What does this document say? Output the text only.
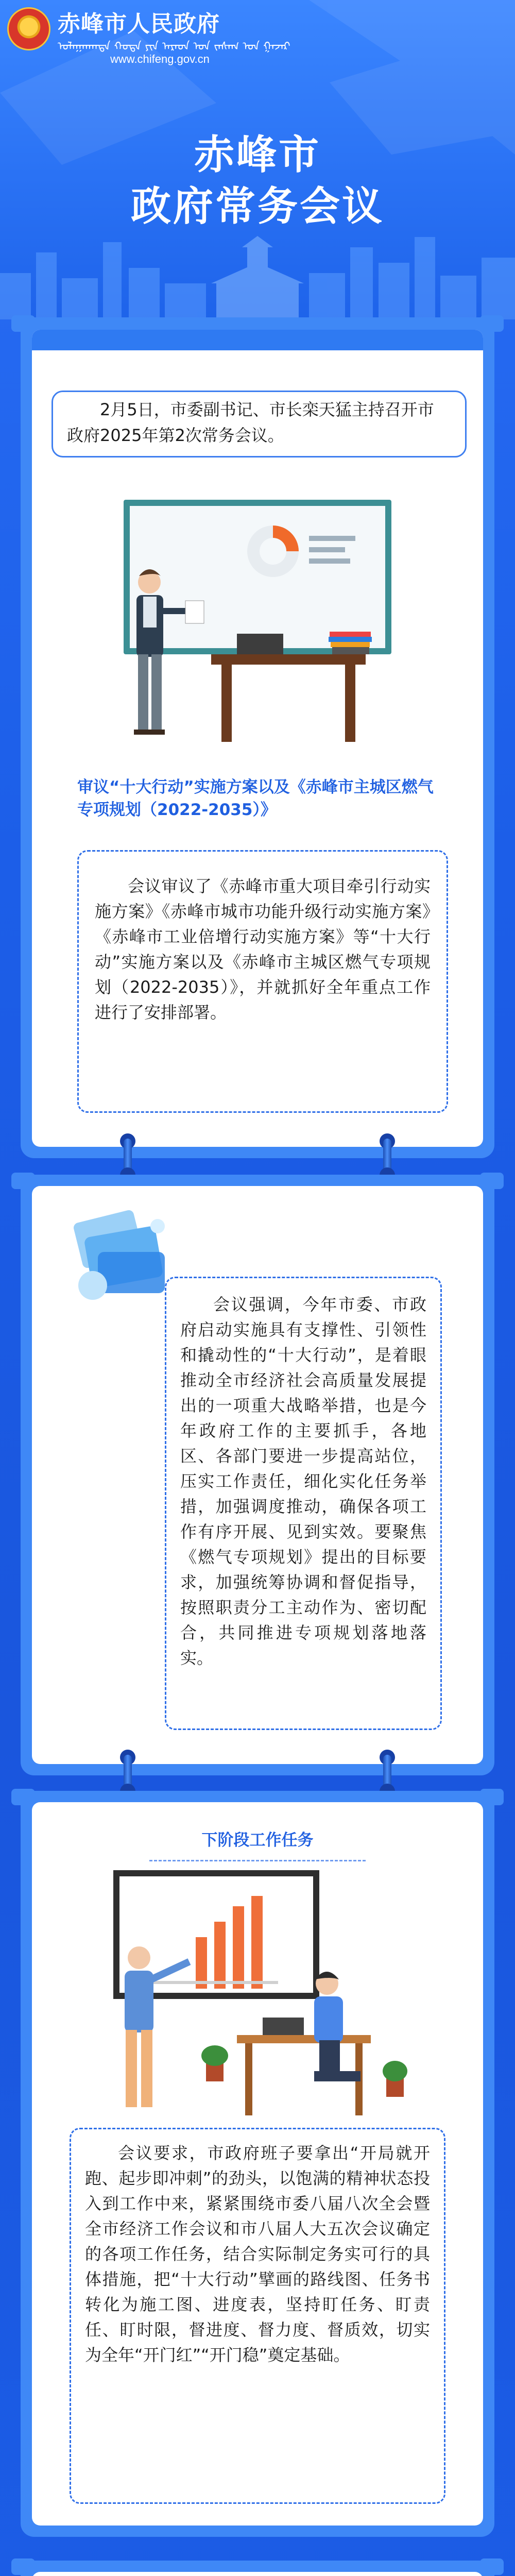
赤峰市人民政府
ᠤᠯᠠᠭᠠᠨᠬᠠᠳᠠ ᠬᠣᠲᠠ ᠶᠢᠨ ᠠᠷᠠᠳ ᠤᠨ ᠵᠠᠰᠠᠭ ᠤᠨ ᠭᠠᠵᠠᠷ
www.chifeng.gov.cn
赤峰市
政府常务会议
2月5日，市委副书记、市长栾天猛主持召开市政府2025年第2次常务会议。
审议“十大行动”实施方案以及《赤峰市主城区燃气专项规划（2022-2035）》
会议审议了《赤峰市重大项目牵引行动实施方案》《赤峰市城市功能升级行动实施方案》《赤峰市工业倍增行动实施方案》等“十大行动”实施方案以及《赤峰市主城区燃气专项规划（2022-2035）》，并就抓好全年重点工作进行了安排部署。
会议强调，今年市委、市政府启动实施具有支撑性、引领性和撬动性的“十大行动”，是着眼推动全市经济社会高质量发展提出的一项重大战略举措，也是今年政府工作的主要抓手，各地区、各部门要进一步提高站位，压实工作责任，细化实化任务举措，加强调度推动，确保各项工作有序开展、见到实效。要聚焦《燃气专项规划》提出的目标要求，加强统筹协调和督促指导，按照职责分工主动作为、密切配合，共同推进专项规划落地落实。
下阶段工作任务
会议要求，市政府班子要拿出“开局就开跑、起步即冲刺”的劲头，以饱满的精神状态投入到工作中来，紧紧围绕市委八届八次全会暨全市经济工作会议和市八届人大五次会议确定的各项工作任务，结合实际制定务实可行的具体措施，把“十大行动”擘画的路线图、任务书转化为施工图、进度表，坚持盯任务、盯责任、盯时限，督进度、督力度、督质效，切实为全年“开门红”“开门稳”奠定基础。
